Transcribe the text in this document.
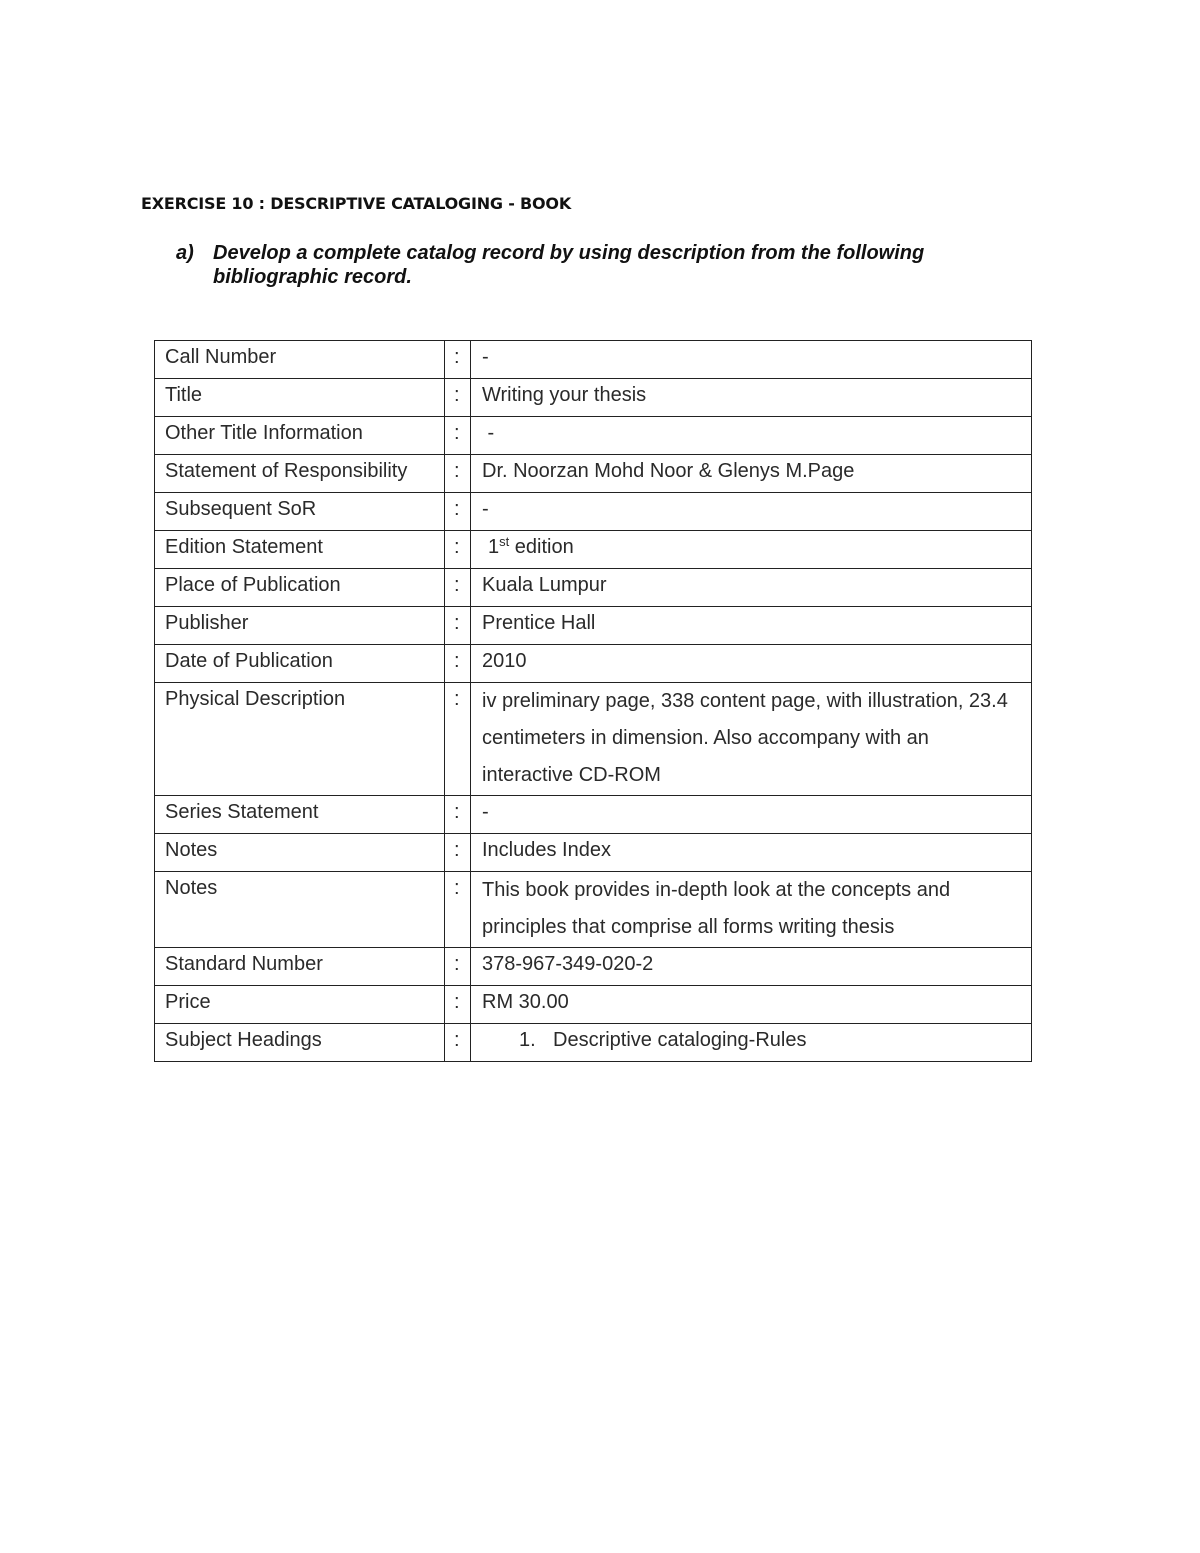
EXERCISE 10 : DESCRIPTIVE CATALOGING - BOOK
a) Develop a complete catalog record by using description from the following bibliographic record.
Call Number	:	-
Title	:	Writing your thesis
Other Title Information	:	-
Statement of Responsibility	:	Dr. Noorzan Mohd Noor & Glenys M.Page
Subsequent SoR	:	-
Edition Statement	:	1st edition
Place of Publication	:	Kuala Lumpur
Publisher	:	Prentice Hall
Date of Publication	:	2010
Physical Description	:	iv preliminary page, 338 content page, with illustration, 23.4 centimeters in dimension. Also accompany with an interactive CD-ROM
Series Statement	:	-
Notes	:	Includes Index
Notes	:	This book provides in-depth look at the concepts and principles that comprise all forms writing thesis
Standard Number	:	378-967-349-020-2
Price	:	RM 30.00
Subject Headings	:	1. Descriptive cataloging-Rules
